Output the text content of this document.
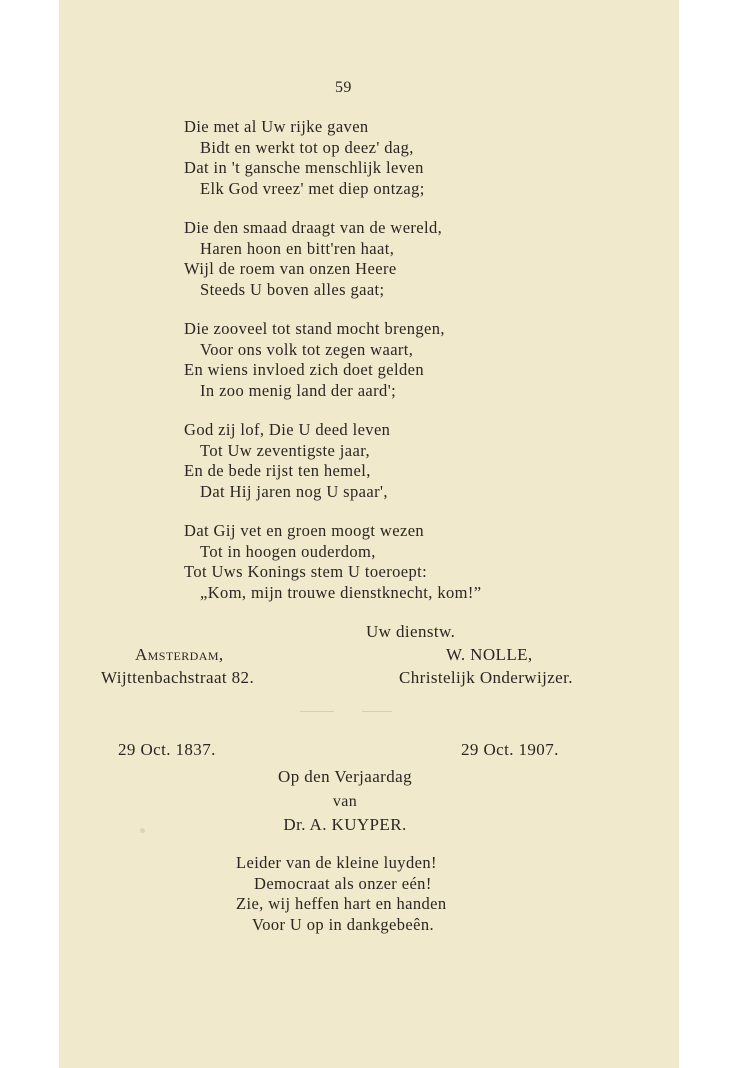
59
Die met al Uw rijke gaven
Bidt en werkt tot op deez' dag,
Dat in 't gansche menschlijk leven
Elk God vreez' met diep ontzag;
Die den smaad draagt van de wereld,
Haren hoon en bitt'ren haat,
Wijl de roem van onzen Heere
Steeds U boven alles gaat;
Die zooveel tot stand mocht brengen,
Voor ons volk tot zegen waart,
En wiens invloed zich doet gelden
In zoo menig land der aard';
God zij lof, Die U deed leven
Tot Uw zeventigste jaar,
En de bede rijst ten hemel,
Dat Hij jaren nog U spaar',
Dat Gij vet en groen moogt wezen
Tot in hoogen ouderdom,
Tot Uws Konings stem U toeroept:
„Kom, mijn trouwe dienstknecht, kom!”
Uw dienstw.
Amsterdam,	W. NOLLE,
Wijttenbachstraat 82.	Christelijk Onderwijzer.
29 Oct. 1837.	29 Oct. 1907.
Op den Verjaardag
van
Dr. A. KUYPER.
Leider van de kleine luyden!
Democraat als onzer eén!
Zie, wij heffen hart en handen
Voor U op in dankgebeên.
